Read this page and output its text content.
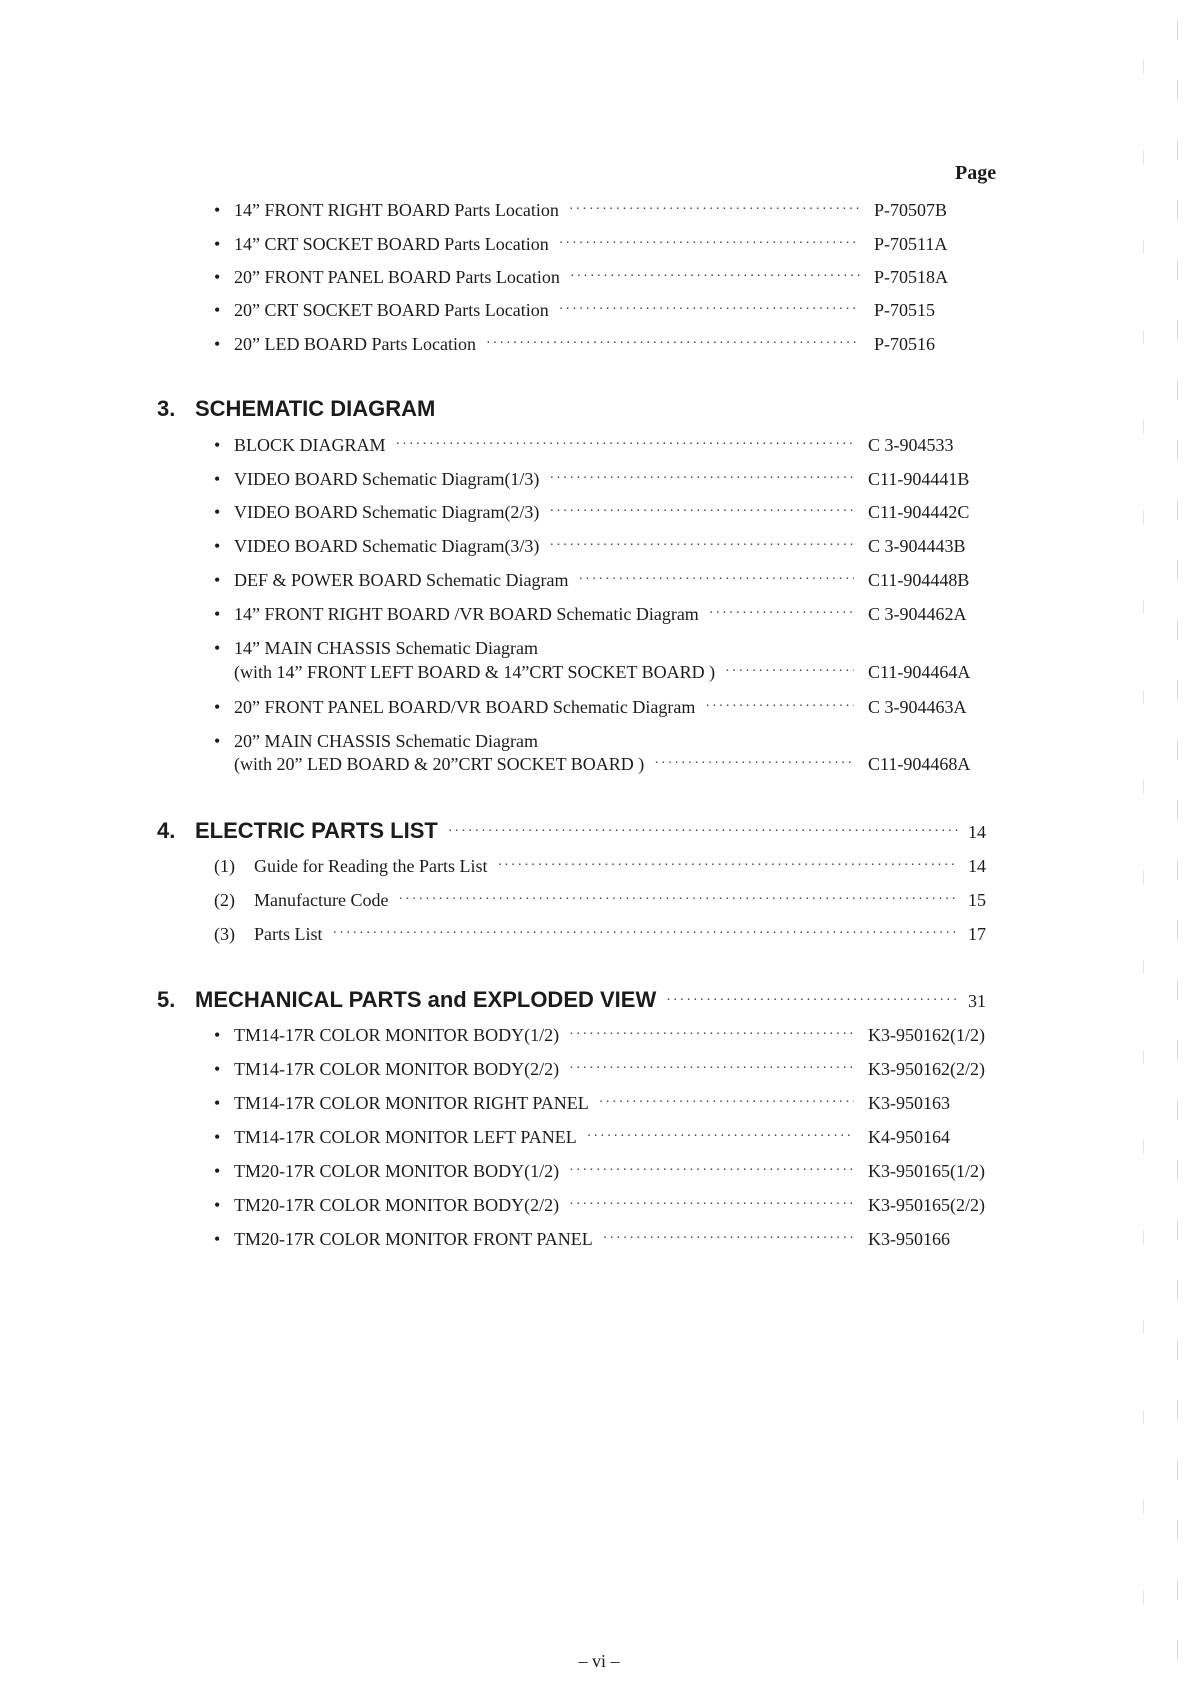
Page
• 14” FRONT RIGHT BOARD Parts Location ·····	P-70507B
• 14” CRT SOCKET BOARD Parts Location ·····	P-70511A
• 20” FRONT PANEL BOARD Parts Location ·····	P-70518A
• 20” CRT SOCKET BOARD Parts Location ·····	P-70515
• 20” LED BOARD Parts Location ·····	P-70516
3. SCHEMATIC DIAGRAM
• BLOCK DIAGRAM ·····	C 3-904533
• VIDEO BOARD Schematic Diagram(1/3) ·····	C11-904441B
• VIDEO BOARD Schematic Diagram(2/3) ·····	C11-904442C
• VIDEO BOARD Schematic Diagram(3/3) ·····	C 3-904443B
• DEF & POWER BOARD Schematic Diagram ·····	C11-904448B
• 14” FRONT RIGHT BOARD /VR BOARD Schematic Diagram ·····	C 3-904462A
• 14” MAIN CHASSIS Schematic Diagram
(with 14” FRONT LEFT BOARD & 14”CRT SOCKET BOARD ) ·····	C11-904464A
• 20” FRONT PANEL BOARD/VR BOARD Schematic Diagram ·····	C 3-904463A
• 20” MAIN CHASSIS Schematic Diagram
(with 20” LED BOARD & 20”CRT SOCKET BOARD ) ·····	C11-904468A
4. ELECTRIC PARTS LIST ·····	14
(1)	Guide for Reading the Parts List ·····	14
(2)	Manufacture Code ·····	15
(3)	Parts List ·····	17
5. MECHANICAL PARTS and EXPLODED VIEW ·····	31
• TM14-17R COLOR MONITOR BODY(1/2) ·····	K3-950162(1/2)
• TM14-17R COLOR MONITOR BODY(2/2) ·····	K3-950162(2/2)
• TM14-17R COLOR MONITOR RIGHT PANEL ·····	K3-950163
• TM14-17R COLOR MONITOR LEFT PANEL ·····	K4-950164
• TM20-17R COLOR MONITOR BODY(1/2) ·····	K3-950165(1/2)
• TM20-17R COLOR MONITOR BODY(2/2) ·····	K3-950165(2/2)
• TM20-17R COLOR MONITOR FRONT PANEL ·····	K3-950166
– vi –
